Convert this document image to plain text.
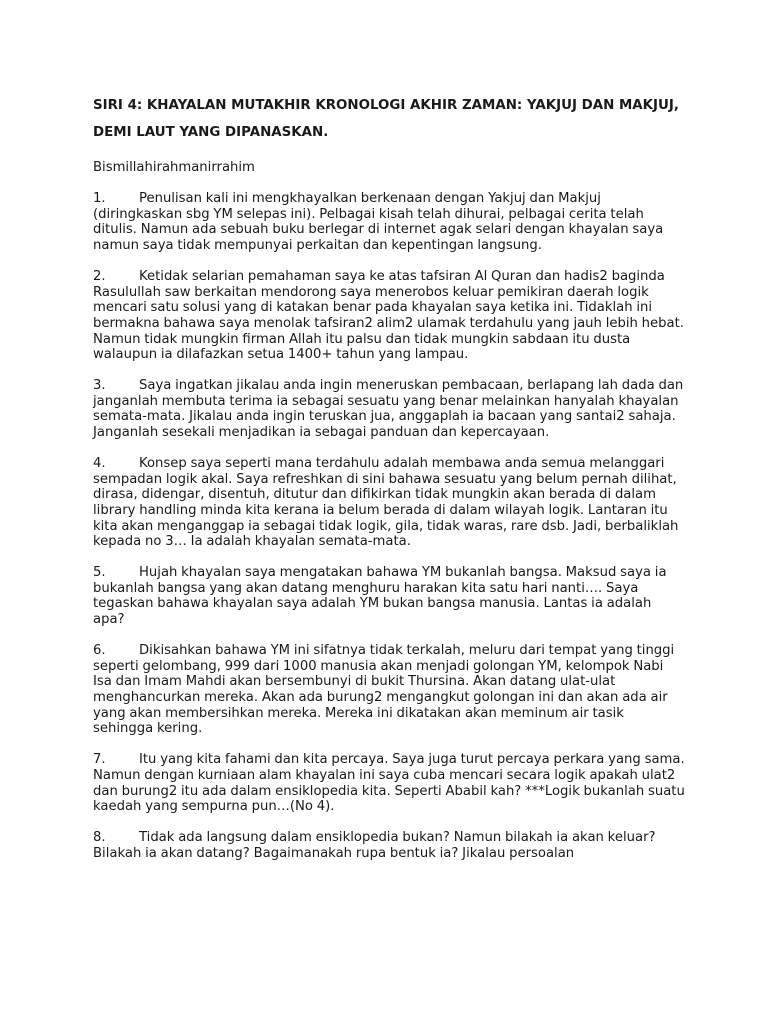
SIRI 4: KHAYALAN MUTAKHIR KRONOLOGI AKHIR ZAMAN: YAKJUJ DAN MAKJUJ, DEMI LAUT YANG DIPANASKAN.

Bismillahirahmanirrahim

1.	Penulisan kali ini mengkhayalkan berkenaan dengan Yakjuj dan Makjuj (diringkaskan sbg YM selepas ini). Pelbagai kisah telah dihurai, pelbagai cerita telah ditulis. Namun ada sebuah buku berlegar di internet agak selari dengan khayalan saya namun saya tidak mempunyai perkaitan dan kepentingan langsung.

2.	Ketidak selarian pemahaman saya ke atas tafsiran Al Quran dan hadis2 baginda Rasulullah saw berkaitan mendorong saya menerobos keluar pemikiran daerah logik mencari satu solusi yang di katakan benar pada khayalan saya ketika ini. Tidaklah ini bermakna bahawa saya menolak tafsiran2 alim2 ulamak terdahulu yang jauh lebih hebat. Namun tidak mungkin firman Allah itu palsu dan tidak mungkin sabdaan itu dusta walaupun ia dilafazkan setua 1400+ tahun yang lampau.

3.	Saya ingatkan jikalau anda ingin meneruskan pembacaan, berlapang lah dada dan janganlah membuta terima ia sebagai sesuatu yang benar melainkan hanyalah khayalan semata-mata. Jikalau anda ingin teruskan jua, anggaplah ia bacaan yang santai2 sahaja. Janganlah sesekali menjadikan ia sebagai panduan dan kepercayaan.

4.	Konsep saya seperti mana terdahulu adalah membawa anda semua melanggari sempadan logik akal. Saya refreshkan di sini bahawa sesuatu yang belum pernah dilihat, dirasa, didengar, disentuh, ditutur dan difikirkan tidak mungkin akan berada di dalam library handling minda kita kerana ia belum berada di dalam wilayah logik. Lantaran itu kita akan menganggap ia sebagai tidak logik, gila, tidak waras, rare dsb. Jadi, berbaliklah kepada no 3… Ia adalah khayalan semata-mata.

5.	Hujah khayalan saya mengatakan bahawa YM bukanlah bangsa. Maksud saya ia bukanlah bangsa yang akan datang menghuru harakan kita satu hari nanti…. Saya tegaskan bahawa khayalan saya adalah YM bukan bangsa manusia. Lantas ia adalah apa?

6.	Dikisahkan bahawa YM ini sifatnya tidak terkalah, meluru dari tempat yang tinggi seperti gelombang, 999 dari 1000 manusia akan menjadi golongan YM, kelompok Nabi Isa dan Imam Mahdi akan bersembunyi di bukit Thursina. Akan datang ulat-ulat menghancurkan mereka. Akan ada burung2 mengangkut golongan ini dan akan ada air yang akan membersihkan mereka. Mereka ini dikatakan akan meminum air tasik sehingga kering.

7.	Itu yang kita fahami dan kita percaya. Saya juga turut percaya perkara yang sama. Namun dengan kurniaan alam khayalan ini saya cuba mencari secara logik apakah ulat2 dan burung2 itu ada dalam ensiklopedia kita. Seperti Ababil kah? ***Logik bukanlah suatu kaedah yang sempurna pun…(No 4).

8.	Tidak ada langsung dalam ensiklopedia bukan? Namun bilakah ia akan keluar? Bilakah ia akan datang? Bagaimanakah rupa bentuk ia? Jikalau persoalan
